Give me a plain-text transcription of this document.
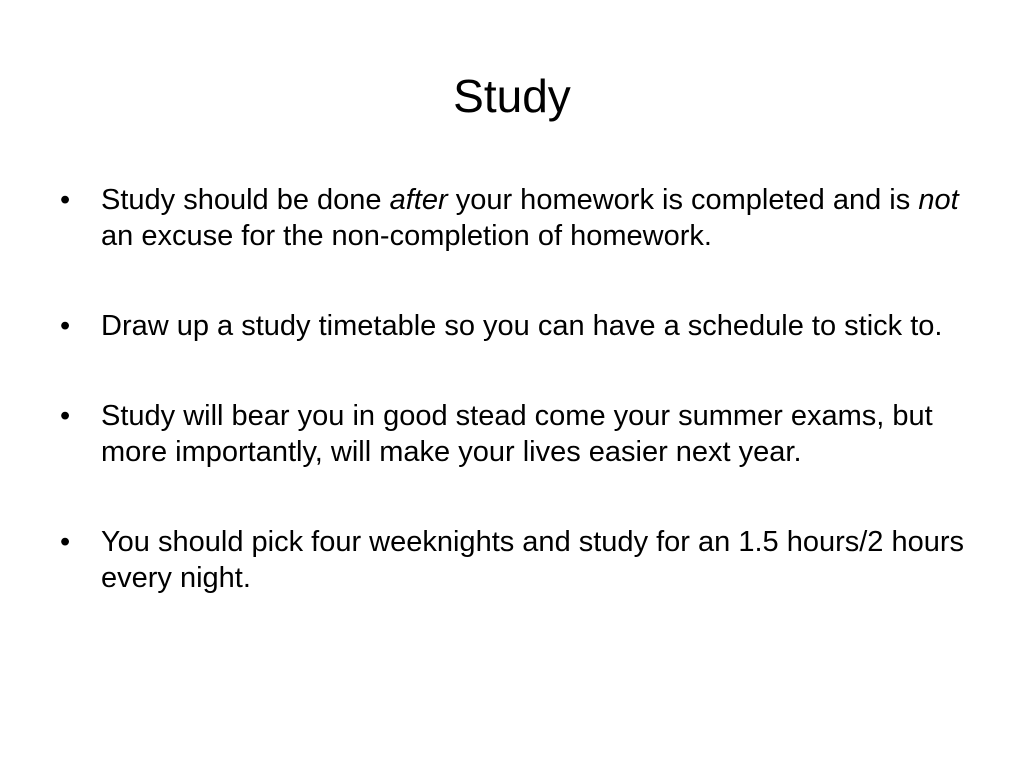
Study
•	Study should be done after your homework is completed and is not an excuse for the non-completion of homework.
•	Draw up a study timetable so you can have a schedule to stick to.
•	Study will bear you in good stead come your summer exams, but more importantly, will make your lives easier next year.
•	You should pick four weeknights and study for an 1.5 hours/2 hours every night.
